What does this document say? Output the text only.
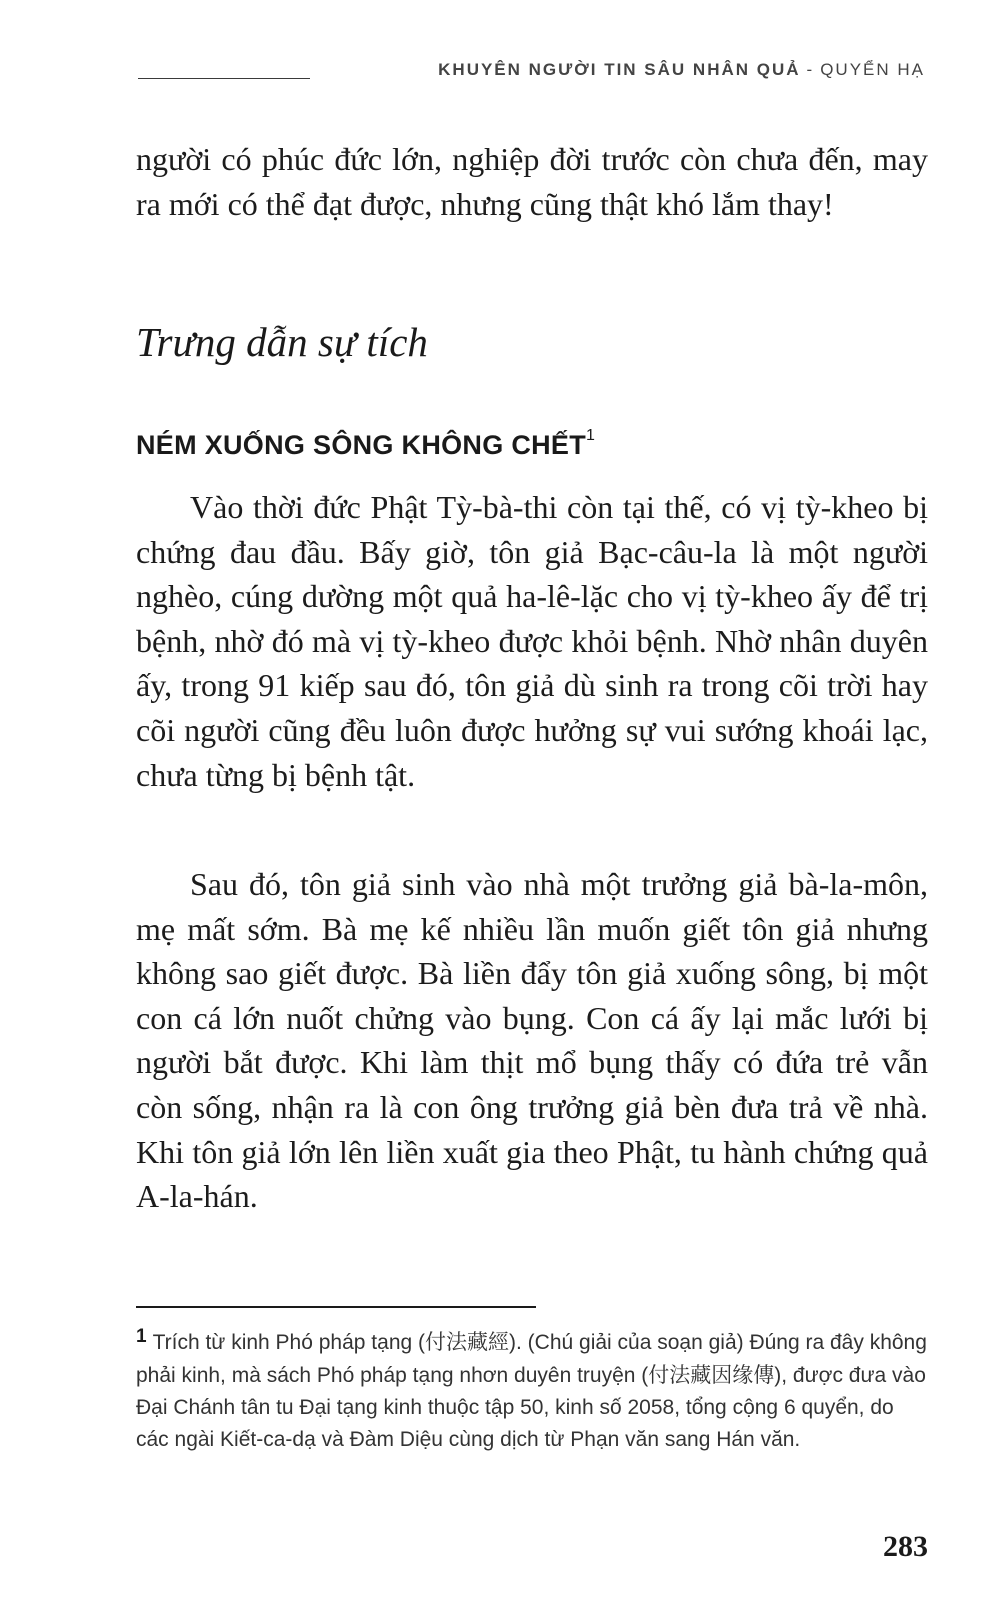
KHUYÊN NGƯỜI TIN SÂU NHÂN QUẢ - QUYỂN HẠ

người có phúc đức lớn, nghiệp đời trước còn chưa đến, may ra mới có thể đạt được, nhưng cũng thật khó lắm thay!

Trưng dẫn sự tích
NÉM XUỐNG SÔNG KHÔNG CHẾT$^1$

Vào thời đức Phật Tỳ-bà-thi còn tại thế, có vị tỳ-kheo bị chứng đau đầu. Bấy giờ, tôn giả Bạc-câu-la là một người nghèo, cúng dường một quả ha-lê-lặc cho vị tỳ-kheo ấy để trị bệnh, nhờ đó mà vị tỳ-kheo được khỏi bệnh. Nhờ nhân duyên ấy, trong 91 kiếp sau đó, tôn giả dù sinh ra trong cõi trời hay cõi người cũng đều luôn được hưởng sự vui sướng khoái lạc, chưa từng bị bệnh tật.

Sau đó, tôn giả sinh vào nhà một trưởng giả bà-la-môn, mẹ mất sớm. Bà mẹ kế nhiều lần muốn giết tôn giả nhưng không sao giết được. Bà liền đẩy tôn giả xuống sông, bị một con cá lớn nuốt chửng vào bụng. Con cá ấy lại mắc lưới bị người bắt được. Khi làm thịt mổ bụng thấy có đứa trẻ vẫn còn sống, nhận ra là con ông trưởng giả bèn đưa trả về nhà. Khi tôn giả lớn lên liền xuất gia theo Phật, tu hành chứng quả A-la-hán.

1 Trích từ kinh Phó pháp tạng (付法藏經). (Chú giải của soạn giả) Đúng ra đây không phải kinh, mà sách Phó pháp tạng nhơn duyên truyện (付法藏因缘傳), được đưa vào Đại Chánh tân tu Đại tạng kinh thuộc tập 50, kinh số 2058, tổng cộng 6 quyển, do các ngài Kiết-ca-dạ và Đàm Diệu cùng dịch từ Phạn văn sang Hán văn.

283
